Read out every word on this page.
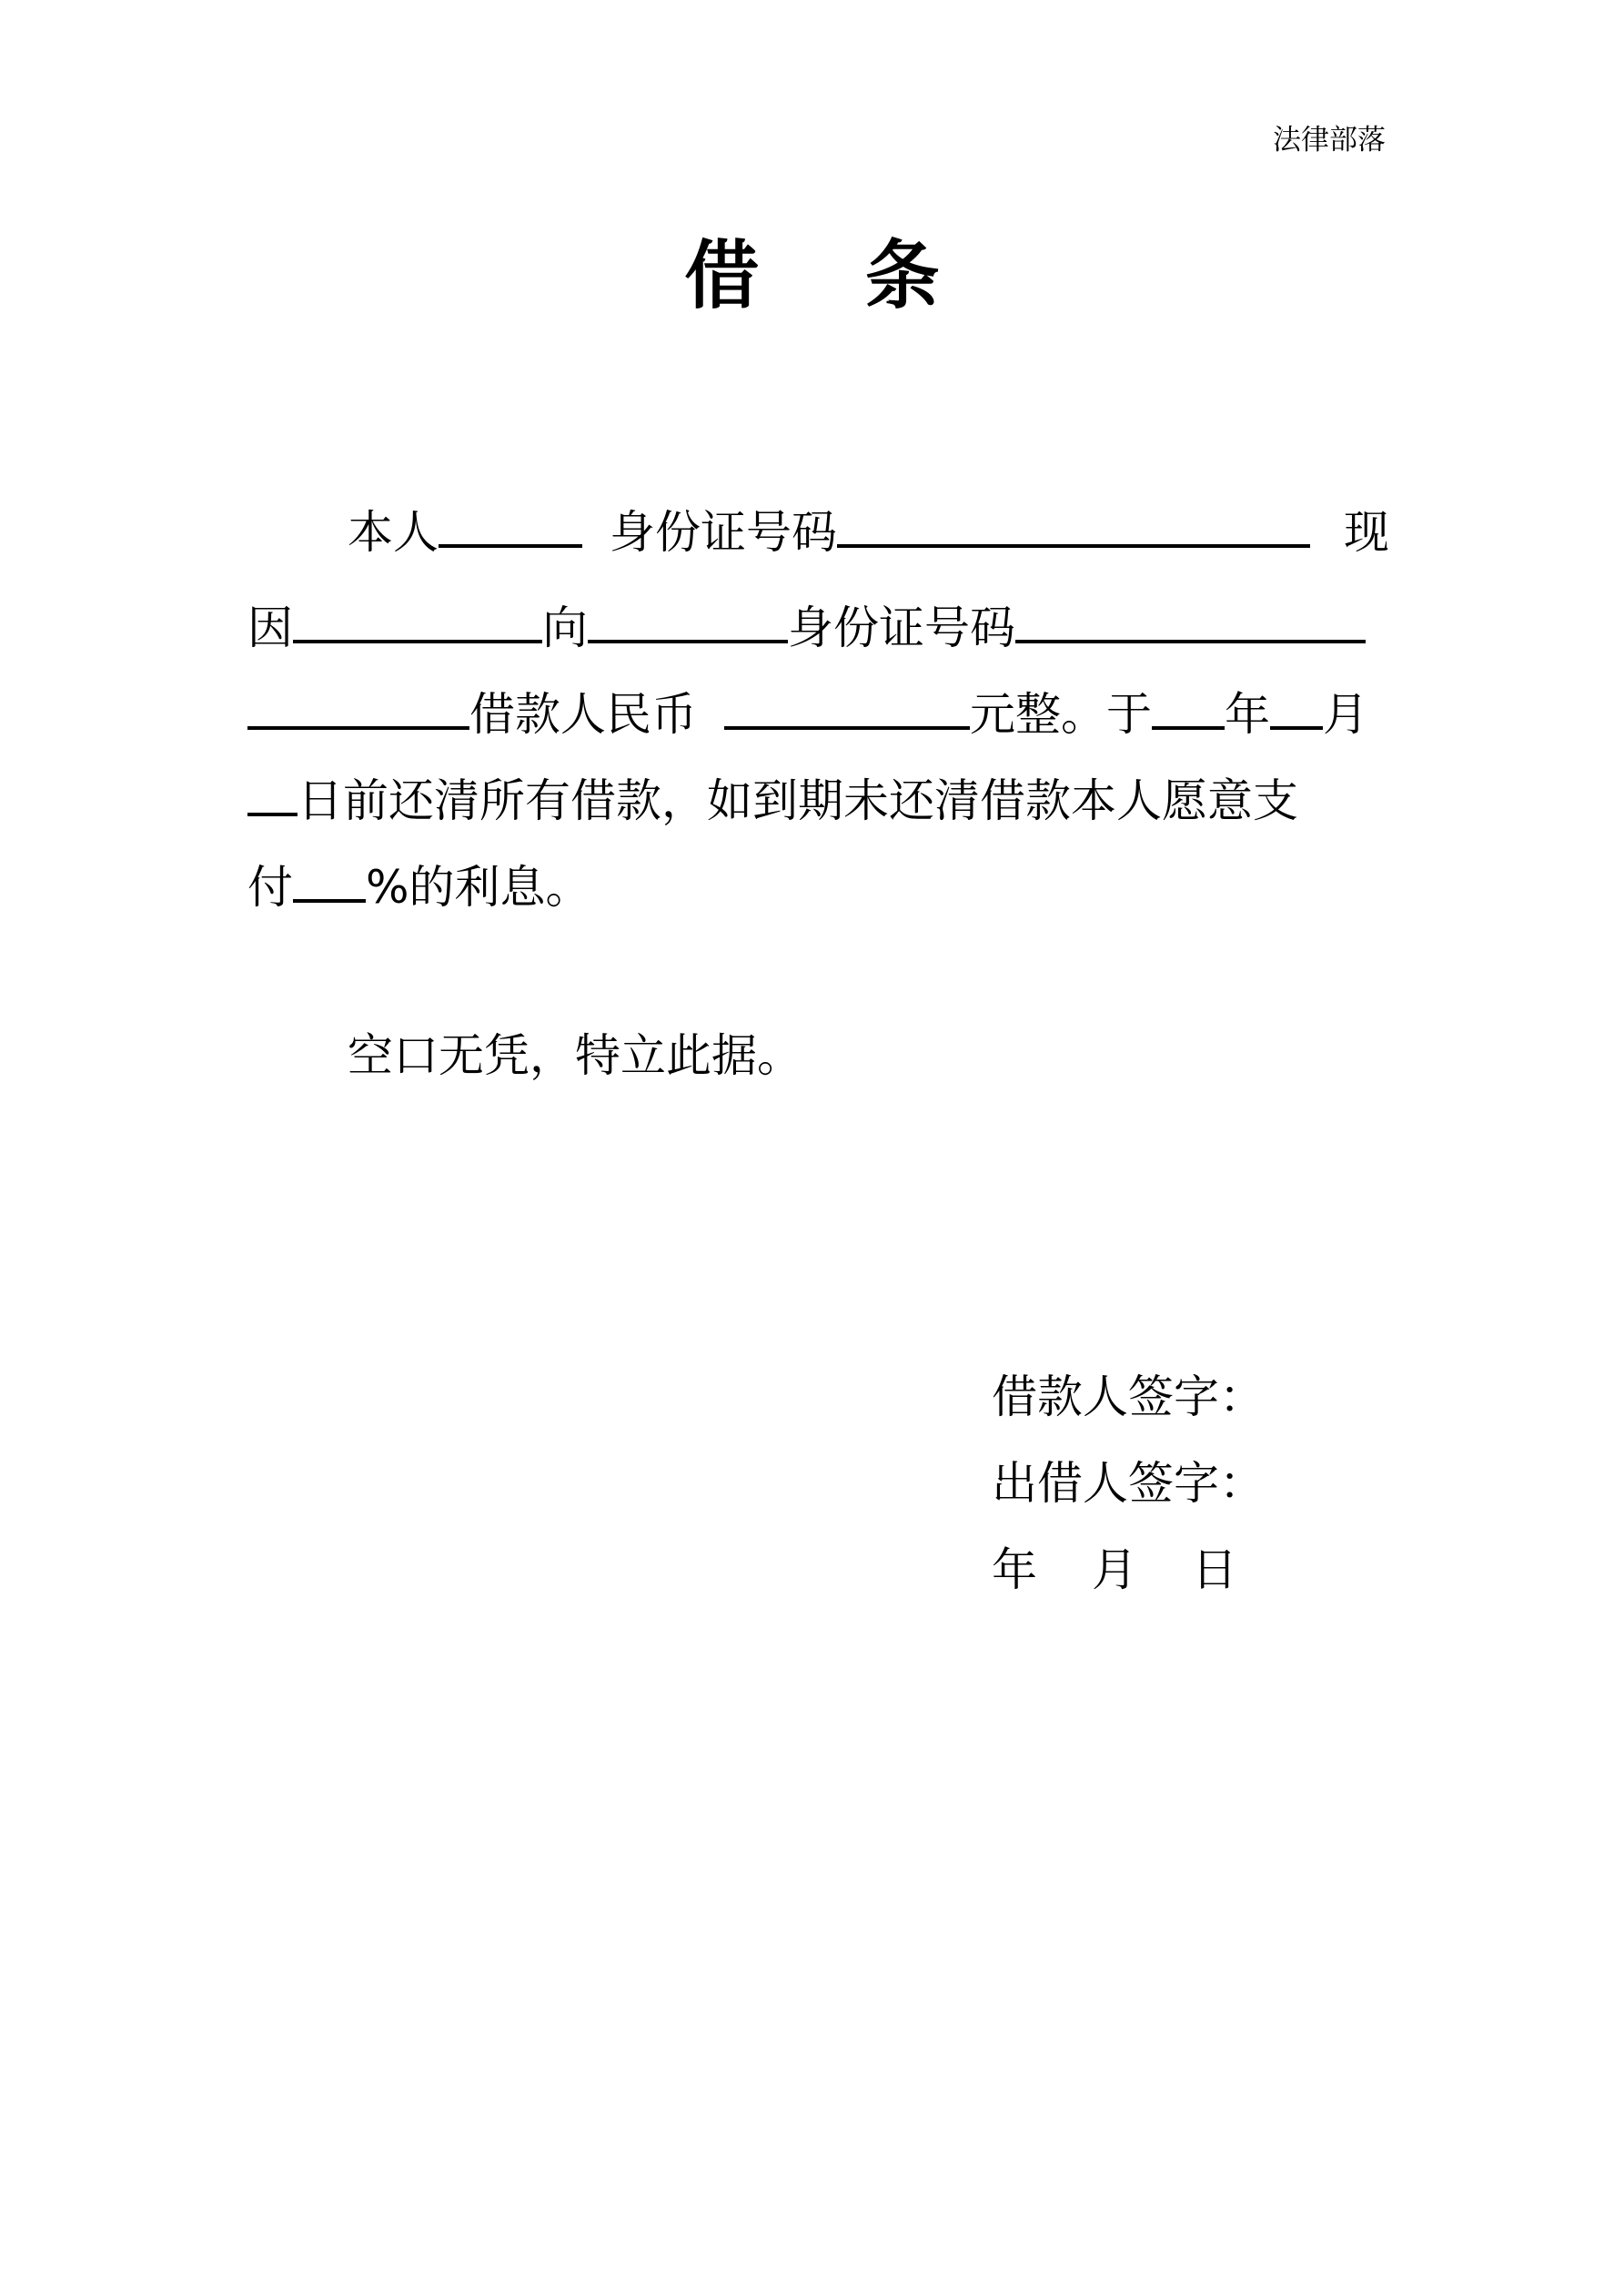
法律部落
借 条
本人	身份证号码	现
因	向	身份证号码
借款人民币	元整。于 年 月
日前还清所有借款，如到期未还清借款本人愿意支
付 %的利息。
空口无凭，特立此据。
借款人签字：
出借人签字：
年 月 日
